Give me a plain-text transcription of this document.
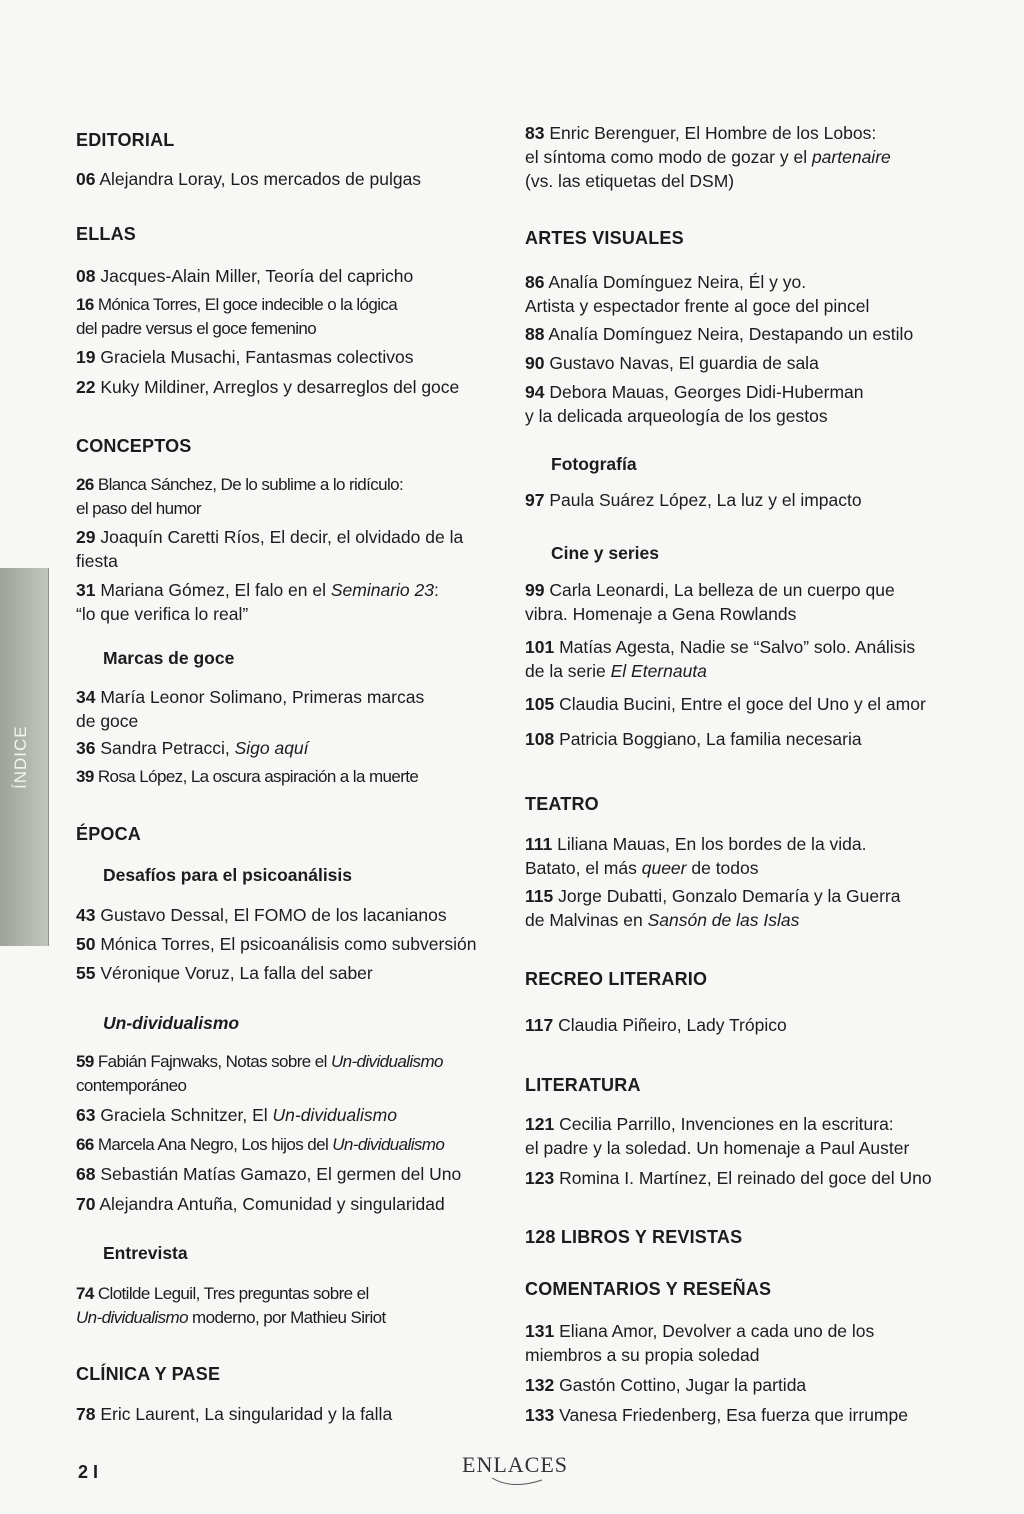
ÍNDICE
EDITORIAL
06 Alejandra Loray, Los mercados de pulgas
ELLAS
08 Jacques-Alain Miller, Teoría del capricho
16 Mónica Torres, El goce indecible o la lógica
del padre versus el goce femenino
19 Graciela Musachi, Fantasmas colectivos
22 Kuky Mildiner, Arreglos y desarreglos del goce
CONCEPTOS
26 Blanca Sánchez, De lo sublime a lo ridículo:
el paso del humor
29 Joaquín Caretti Ríos, El decir, el olvidado de la
fiesta
31 Mariana Gómez, El falo en el Seminario 23:
“lo que verifica lo real”
Marcas de goce
34 María Leonor Solimano, Primeras marcas
de goce
36 Sandra Petracci, Sigo aquí
39 Rosa López, La oscura aspiración a la muerte
ÉPOCA
Desafíos para el psicoanálisis
43 Gustavo Dessal, El FOMO de los lacanianos
50 Mónica Torres, El psicoanálisis como subversión
55 Véronique Voruz, La falla del saber
Un-dividualismo
59 Fabián Fajnwaks, Notas sobre el Un-dividualismo
contemporáneo
63 Graciela Schnitzer, El Un-dividualismo
66 Marcela Ana Negro, Los hijos del Un-dividualismo
68 Sebastián Matías Gamazo, El germen del Uno
70 Alejandra Antuña, Comunidad y singularidad
Entrevista
74 Clotilde Leguil, Tres preguntas sobre el
Un-dividualismo moderno, por Mathieu Siriot
CLÍNICA Y PASE
78 Eric Laurent, La singularidad y la falla
83 Enric Berenguer, El Hombre de los Lobos:
el síntoma como modo de gozar y el partenaire
(vs. las etiquetas del DSM)
ARTES VISUALES
86 Analía Domínguez Neira, Él y yo.
Artista y espectador frente al goce del pincel
88 Analía Domínguez Neira, Destapando un estilo
90 Gustavo Navas, El guardia de sala
94 Debora Mauas, Georges Didi-Huberman
y la delicada arqueología de los gestos
Fotografía
97 Paula Suárez López, La luz y el impacto
Cine y series
99 Carla Leonardi, La belleza de un cuerpo que
vibra. Homenaje a Gena Rowlands
101 Matías Agesta, Nadie se “Salvo” solo. Análisis
de la serie El Eternauta
105 Claudia Bucini, Entre el goce del Uno y el amor
108 Patricia Boggiano, La familia necesaria
TEATRO
111 Liliana Mauas, En los bordes de la vida.
Batato, el más queer de todos
115 Jorge Dubatti, Gonzalo Demaría y la Guerra
de Malvinas en Sansón de las Islas
RECREO LITERARIO
117 Claudia Piñeiro, Lady Trópico
LITERATURA
121 Cecilia Parrillo, Invenciones en la escritura:
el padre y la soledad. Un homenaje a Paul Auster
123 Romina I. Martínez, El reinado del goce del Uno
128 LIBROS Y REVISTAS
COMENTARIOS Y RESEÑAS
131 Eliana Amor, Devolver a cada uno de los
miembros a su propia soledad
132 Gastón Cottino, Jugar la partida
133 Vanesa Friedenberg, Esa fuerza que irrumpe
2 I	ENLACES
